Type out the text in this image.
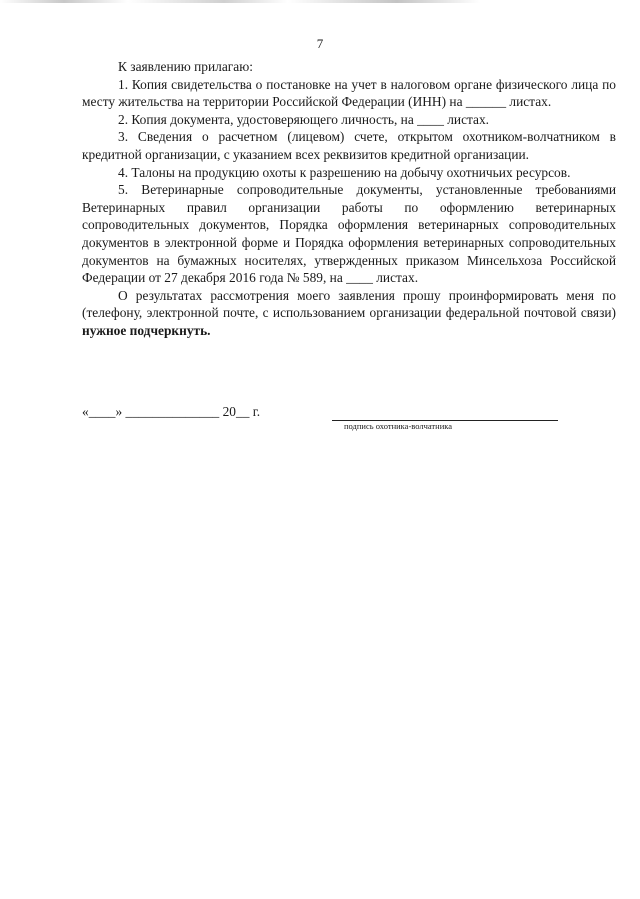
7

К заявлению прилагаю:

1. Копия свидетельства о постановке на учет в налоговом органе физического лица по месту жительства на территории Российской Федерации (ИНН) на ______ листах.

2. Копия документа, удостоверяющего личность, на ____ листах.

3. Сведения о расчетном (лицевом) счете, открытом охотником-волчатником в кредитной организации, с указанием всех реквизитов кредитной организации.

4. Талоны на продукцию охоты к разрешению на добычу охотничьих ресурсов.

5. Ветеринарные сопроводительные документы, установленные требованиями Ветеринарных правил организации работы по оформлению ветеринарных сопроводительных документов, Порядка оформления ветеринарных сопроводительных документов в электронной форме и Порядка оформления ветеринарных сопроводительных документов на бумажных носителях, утвержденных приказом Минсельхоза Российской Федерации от 27 декабря 2016 года № 589, на ____ листах.

О результатах рассмотрения моего заявления прошу проинформировать меня по (телефону, электронной почте, с использованием организации федеральной почтовой связи) нужное подчеркнуть.

«____» ______________ 20__ г.
подпись охотника-волчатника
